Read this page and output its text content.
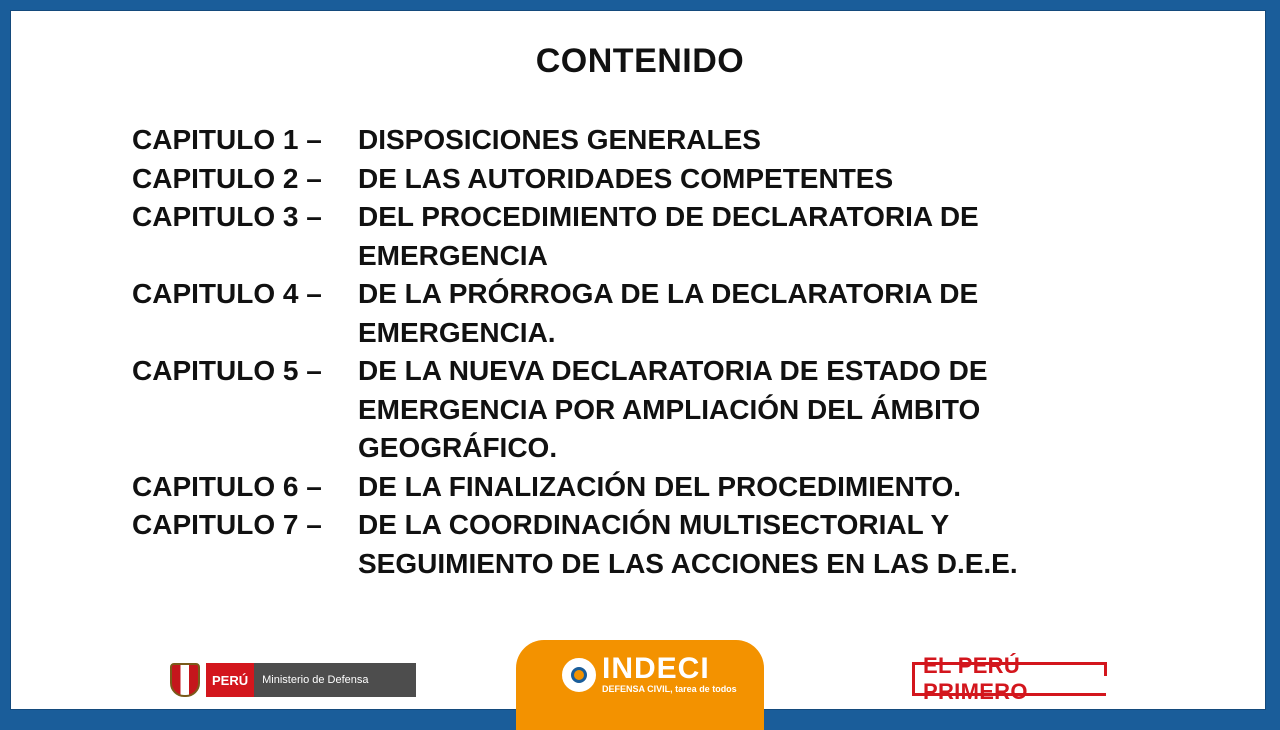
CONTENIDO
CAPITULO 1 –	DISPOSICIONES GENERALES
CAPITULO 2 –	DE LAS AUTORIDADES COMPETENTES
CAPITULO 3 –	DEL PROCEDIMIENTO DE DECLARATORIA DE
EMERGENCIA
CAPITULO 4 –	DE LA PRÓRROGA DE LA DECLARATORIA DE
EMERGENCIA.
CAPITULO 5 –	DE LA NUEVA DECLARATORIA DE ESTADO DE
EMERGENCIA POR AMPLIACIÓN DEL ÁMBITO
GEOGRÁFICO.
CAPITULO 6 –	DE LA FINALIZACIÓN DEL PROCEDIMIENTO.
CAPITULO 7 –	DE LA COORDINACIÓN MULTISECTORIAL Y
SEGUIMIENTO DE LAS ACCIONES EN LAS D.E.E.
PERÚ	Ministerio de Defensa	INDECI
DEFENSA CIVIL, tarea de todos
EL PERÚ PRIMERO
